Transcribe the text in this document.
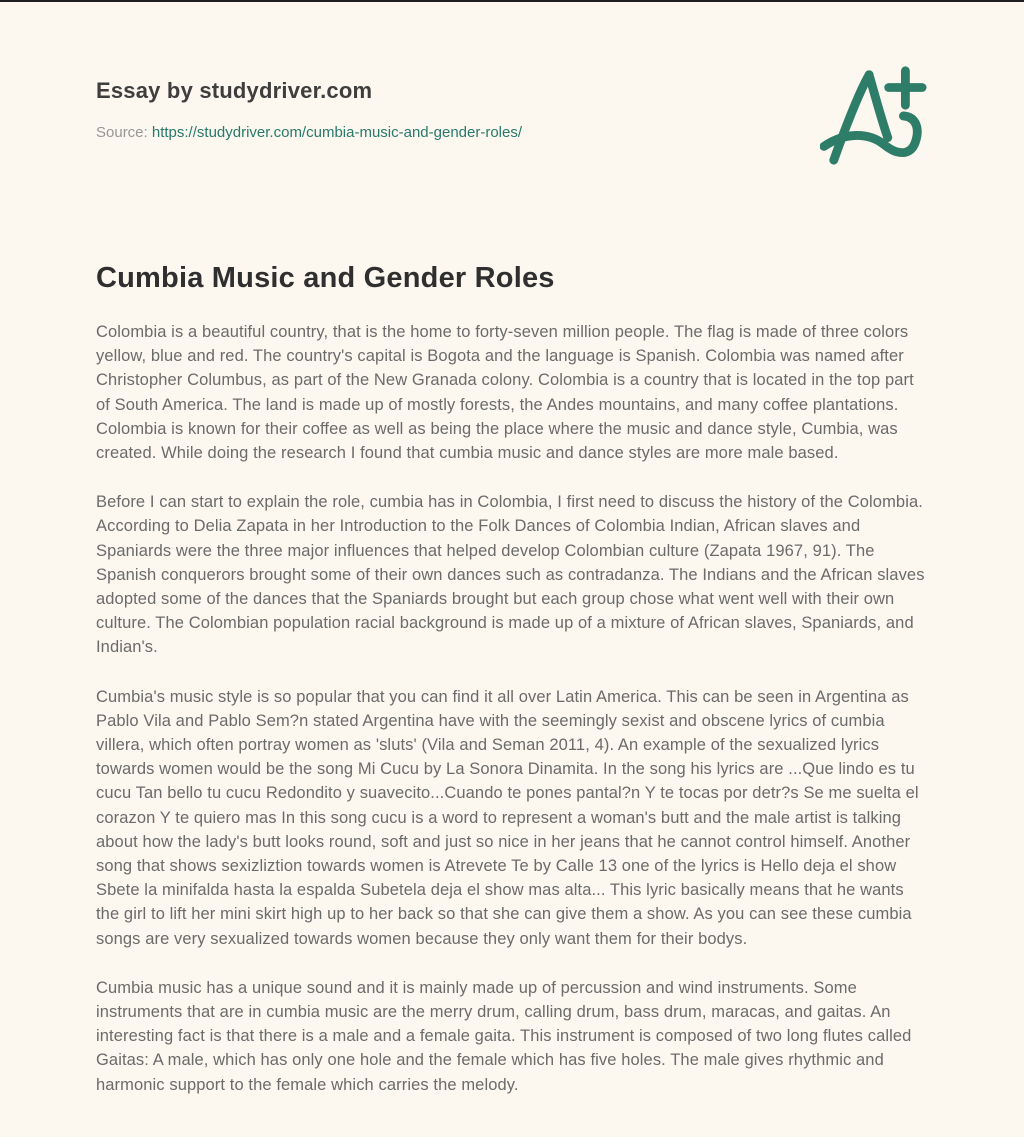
Essay by studydriver.com
Source: https://studydriver.com/cumbia-music-and-gender-roles/
Cumbia Music and Gender Roles

Colombia is a beautiful country, that is the home to forty-seven million people. The flag is made of three colors yellow, blue and red. The country's capital is Bogota and the language is Spanish. Colombia was named after Christopher Columbus, as part of the New Granada colony. Colombia is a country that is located in the top part of South America. The land is made up of mostly forests, the Andes mountains, and many coffee plantations. Colombia is known for their coffee as well as being the place where the music and dance style, Cumbia, was created. While doing the research I found that cumbia music and dance styles are more male based.

Before I can start to explain the role, cumbia has in Colombia, I first need to discuss the history of the Colombia. According to Delia Zapata in her Introduction to the Folk Dances of Colombia Indian, African slaves and Spaniards were the three major influences that helped develop Colombian culture (Zapata 1967, 91). The Spanish conquerors brought some of their own dances such as contradanza. The Indians and the African slaves adopted some of the dances that the Spaniards brought but each group chose what went well with their own culture. The Colombian population racial background is made up of a mixture of African slaves, Spaniards, and Indian's.

Cumbia's music style is so popular that you can find it all over Latin America. This can be seen in Argentina as Pablo Vila and Pablo Sem?n stated Argentina have with the seemingly sexist and obscene lyrics of cumbia villera, which often portray women as 'sluts' (Vila and Seman 2011, 4). An example of the sexualized lyrics towards women would be the song Mi Cucu by La Sonora Dinamita. In the song his lyrics are ...Que lindo es tu cucu Tan bello tu cucu Redondito y suavecito...Cuando te pones pantal?n Y te tocas por detr?s Se me suelta el corazon Y te quiero mas In this song cucu is a word to represent a woman's butt and the male artist is talking about how the lady's butt looks round, soft and just so nice in her jeans that he cannot control himself. Another song that shows sexizliztion towards women is Atrevete Te by Calle 13 one of the lyrics is Hello deja el show Sbete la minifalda hasta la espalda Subetela deja el show mas alta... This lyric basically means that he wants the girl to lift her mini skirt high up to her back so that she can give them a show. As you can see these cumbia songs are very sexualized towards women because they only want them for their bodys.

Cumbia music has a unique sound and it is mainly made up of percussion and wind instruments. Some instruments that are in cumbia music are the merry drum, calling drum, bass drum, maracas, and gaitas. An interesting fact is that there is a male and a female gaita. This instrument is composed of two long flutes called Gaitas: A male, which has only one hole and the female which has five holes. The male gives rhythmic and harmonic support to the female which carries the melody.
